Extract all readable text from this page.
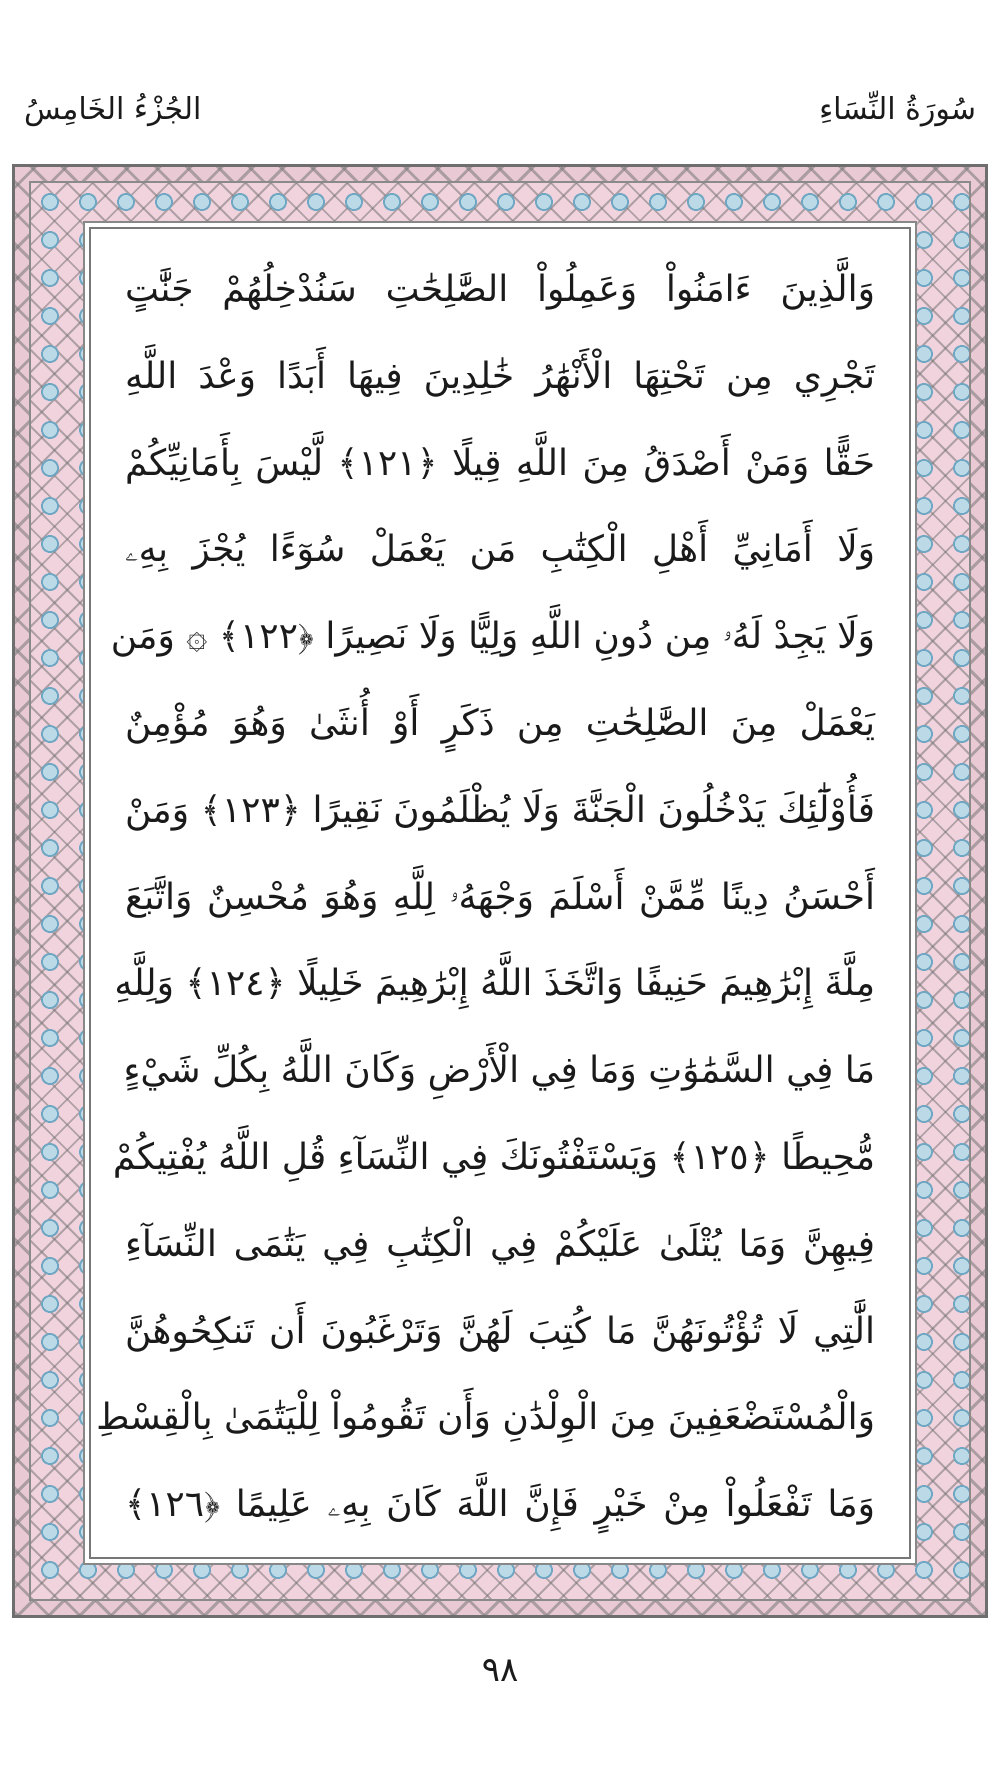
الجُزْءُ الخَامِسُ	سُورَةُ النِّسَاءِ
وَالَّذِينَ ءَامَنُواْ وَعَمِلُواْ الصَّٰلِحَٰتِ سَنُدْخِلُهُمْ جَنَّٰتٍ
تَجْرِي مِن تَحْتِهَا الْأَنْهَٰرُ خَٰلِدِينَ فِيهَا أَبَدًا وَعْدَ اللَّهِ
حَقًّا وَمَنْ أَصْدَقُ مِنَ اللَّهِ قِيلًا ﴿١٢١﴾ لَّيْسَ بِأَمَانِيِّكُمْ
وَلَا أَمَانِيِّ أَهْلِ الْكِتَٰبِ مَن يَعْمَلْ سُوٓءًا يُجْزَ بِهِۦ
وَلَا يَجِدْ لَهُۥ مِن دُونِ اللَّهِ وَلِيًّا وَلَا نَصِيرًا ﴿١٢٢﴾ ۞ وَمَن
يَعْمَلْ مِنَ الصَّٰلِحَٰتِ مِن ذَكَرٍ أَوْ أُنثَىٰ وَهُوَ مُؤْمِنٌ
فَأُوْلَٰٓئِكَ يَدْخُلُونَ الْجَنَّةَ وَلَا يُظْلَمُونَ نَقِيرًا ﴿١٢٣﴾ وَمَنْ
أَحْسَنُ دِينًا مِّمَّنْ أَسْلَمَ وَجْهَهُۥ لِلَّهِ وَهُوَ مُحْسِنٌ وَاتَّبَعَ
مِلَّةَ إِبْرَٰهِيمَ حَنِيفًا وَاتَّخَذَ اللَّهُ إِبْرَٰهِيمَ خَلِيلًا ﴿١٢٤﴾ وَلِلَّهِ
مَا فِي السَّمَٰوَٰتِ وَمَا فِي الْأَرْضِ وَكَانَ اللَّهُ بِكُلِّ شَيْءٍ
مُّحِيطًا ﴿١٢٥﴾ وَيَسْتَفْتُونَكَ فِي النِّسَآءِ قُلِ اللَّهُ يُفْتِيكُمْ
فِيهِنَّ وَمَا يُتْلَىٰ عَلَيْكُمْ فِي الْكِتَٰبِ فِي يَتَٰمَى النِّسَآءِ
الَّٰتِي لَا تُؤْتُونَهُنَّ مَا كُتِبَ لَهُنَّ وَتَرْغَبُونَ أَن تَنكِحُوهُنَّ
وَالْمُسْتَضْعَفِينَ مِنَ الْوِلْدَٰنِ وَأَن تَقُومُواْ لِلْيَتَٰمَىٰ بِالْقِسْطِ
وَمَا تَفْعَلُواْ مِنْ خَيْرٍ فَإِنَّ اللَّهَ كَانَ بِهِۦ عَلِيمًا ﴿١٢٦﴾
٩٨
